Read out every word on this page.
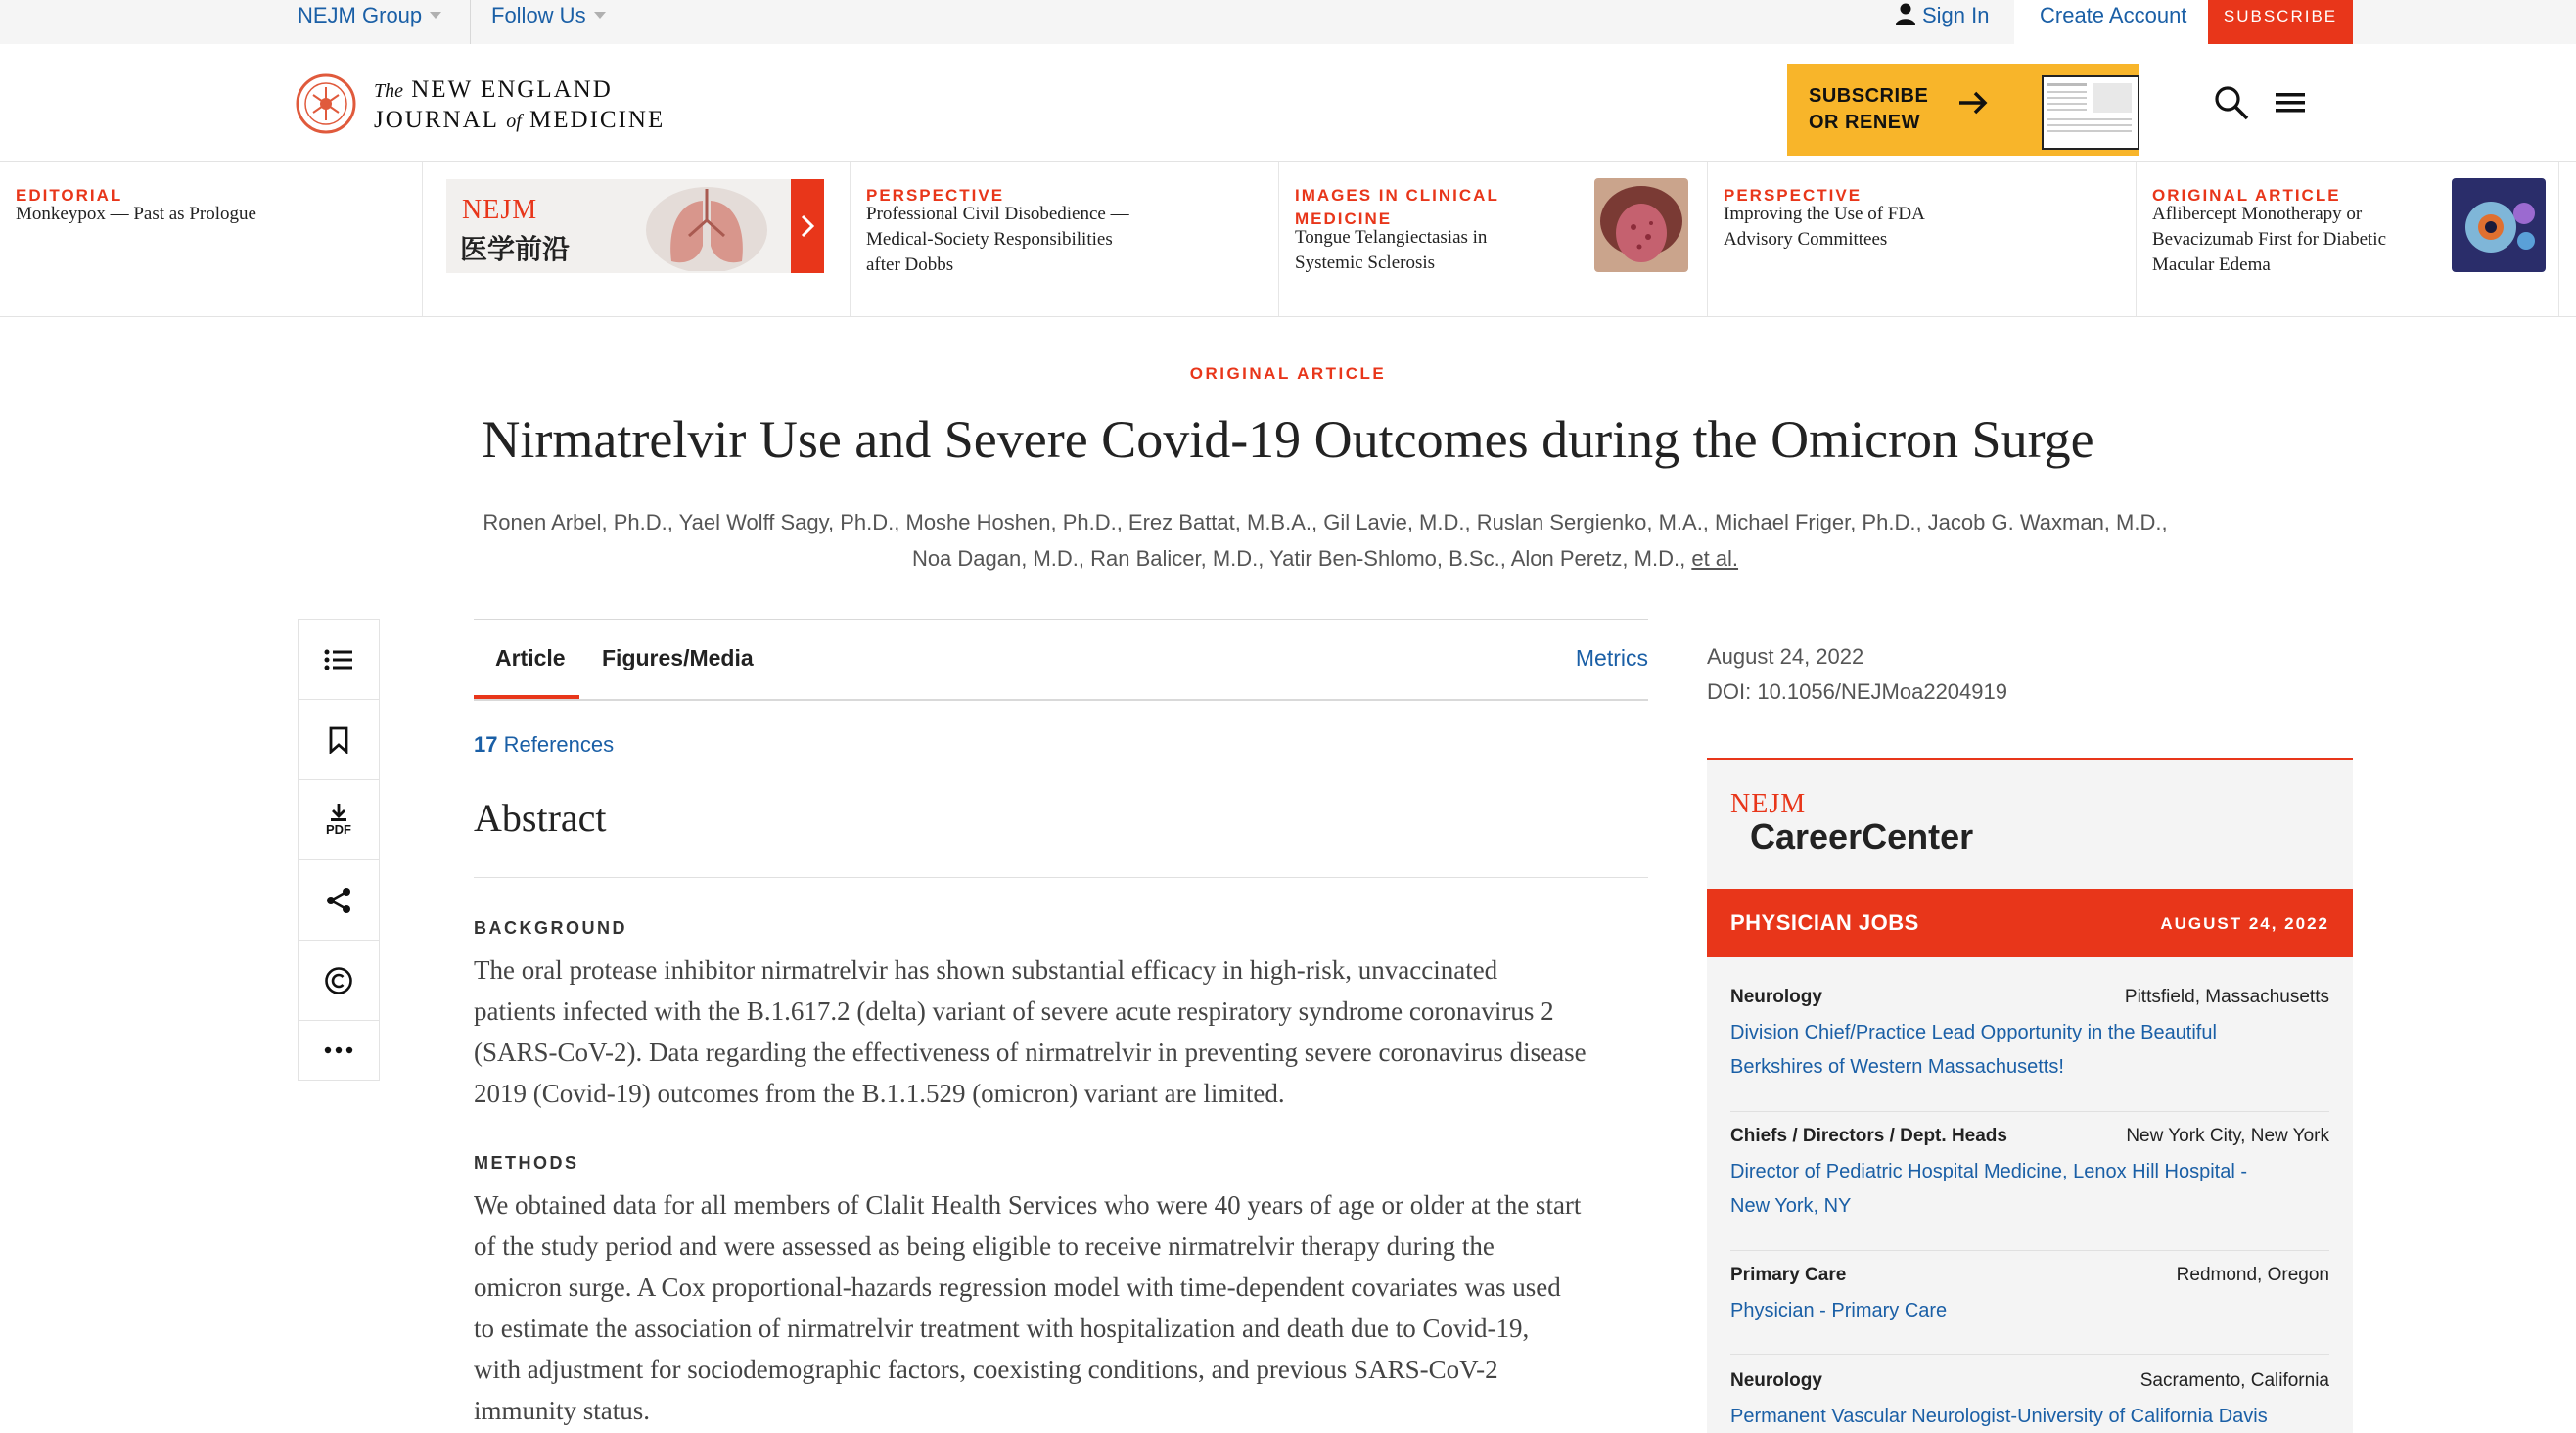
NEJM Group	Follow Us	Sign In Create Account	SUBSCRIBE
The NEW ENGLAND
JOURNAL of MEDICINE
SUBSCRIBE
OR RENEW
EDITORIAL
Monkeypox — Past as Prologue	NEJM
医学前沿
PERSPECTIVE
Professional Civil Disobedience — Medical-Society Responsibilities after Dobbs
IMAGES IN CLINICAL MEDICINE
Tongue Telangiectasias in Systemic Sclerosis
PERSPECTIVE
Improving the Use of FDA Advisory Committees
ORIGINAL ARTICLE
Aflibercept Monotherapy or Bevacizumab First for Diabetic Macular Edema
ORIGINAL ARTICLE
Nirmatrelvir Use and Severe Covid-19 Outcomes during the Omicron Surge
Ronen Arbel, Ph.D., Yael Wolff Sagy, Ph.D., Moshe Hoshen, Ph.D., Erez Battat, M.B.A., Gil Lavie, M.D., Ruslan Sergienko, M.A., Michael Friger, Ph.D., Jacob G. Waxman, M.D.,
Noa Dagan, M.D., Ran Balicer, M.D., Yatir Ben-Shlomo, B.Sc., Alon Peretz, M.D., et al.
PDF
Article Figures/Media	Metrics
17 References
Abstract
BACKGROUND
The oral protease inhibitor nirmatrelvir has shown substantial efficacy in high-risk, unvaccinated
patients infected with the B.1.617.2 (delta) variant of severe acute respiratory syndrome coronavirus 2
(SARS-CoV-2). Data regarding the effectiveness of nirmatrelvir in preventing severe coronavirus disease
2019 (Covid-19) outcomes from the B.1.1.529 (omicron) variant are limited.
METHODS
We obtained data for all members of Clalit Health Services who were 40 years of age or older at the start
of the study period and were assessed as being eligible to receive nirmatrelvir therapy during the
omicron surge. A Cox proportional-hazards regression model with time-dependent covariates was used
to estimate the association of nirmatrelvir treatment with hospitalization and death due to Covid-19,
with adjustment for sociodemographic factors, coexisting conditions, and previous SARS-CoV-2
immunity status.
August 24, 2022
DOI: 10.1056/NEJMoa2204919
NEJM
CareerCenter
PHYSICIAN JOBS	AUGUST 24, 2022
Neurology	Pittsfield, Massachusetts
Division Chief/Practice Lead Opportunity in the Beautiful
Berkshires of Western Massachusetts!
Chiefs / Directors / Dept. Heads	New York City, New York
Director of Pediatric Hospital Medicine, Lenox Hill Hospital -
New York, NY
Primary Care	Redmond, Oregon
Physician - Primary Care
Neurology	Sacramento, California
Permanent Vascular Neurologist-University of California Davis
